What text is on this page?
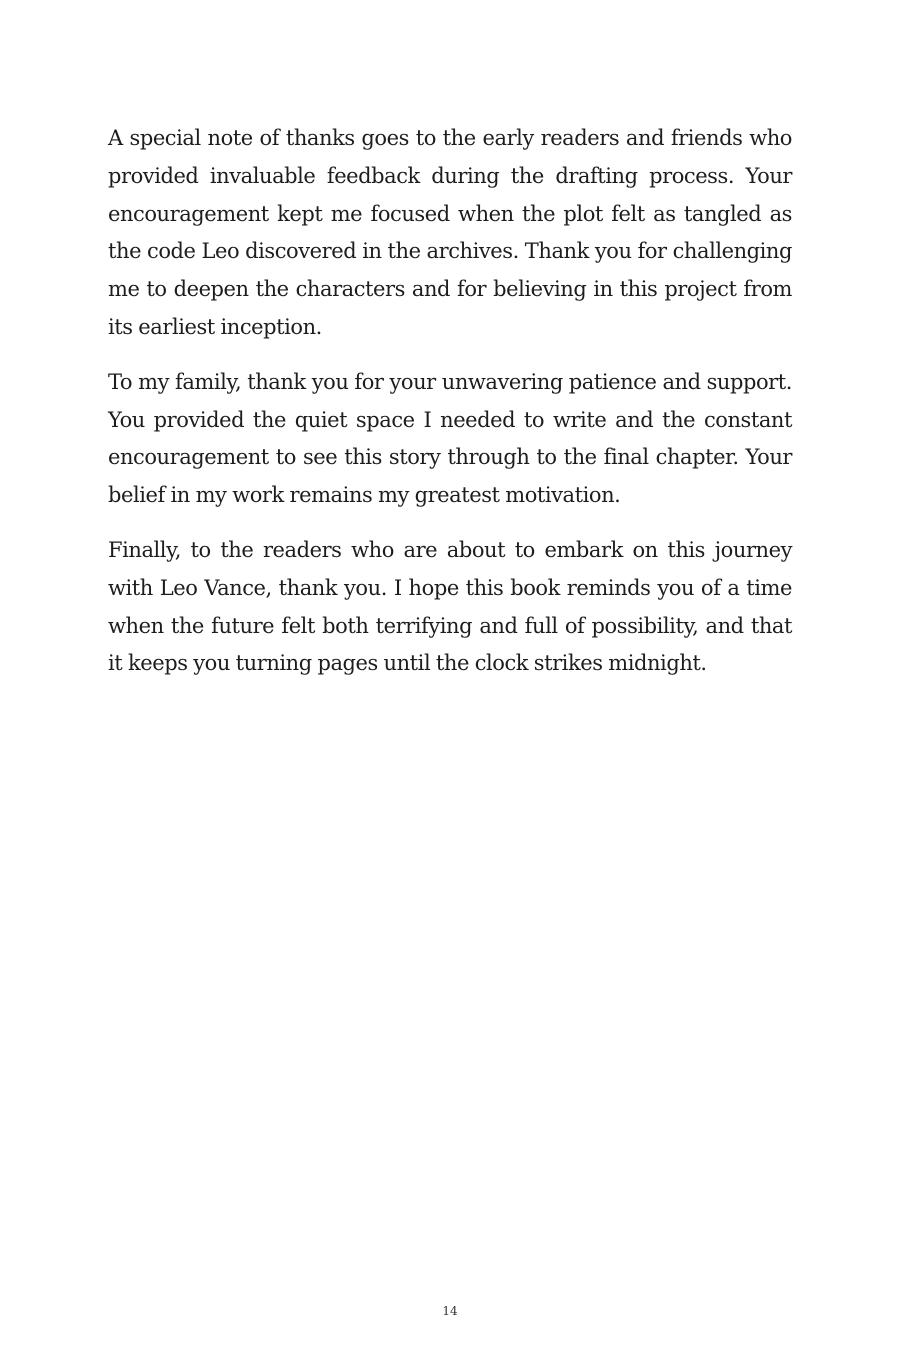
A special note of thanks goes to the early readers and friends who provided invaluable feedback during the drafting process. Your encouragement kept me focused when the plot felt as tangled as the code Leo discovered in the archives. Thank you for challenging me to deepen the characters and for believing in this project from its earliest inception.

To my family, thank you for your unwavering patience and support. You provided the quiet space I needed to write and the constant encouragement to see this story through to the final chapter. Your belief in my work remains my greatest motivation.

Finally, to the readers who are about to embark on this journey with Leo Vance, thank you. I hope this book reminds you of a time when the future felt both terrifying and full of possibility, and that it keeps you turning pages until the clock strikes midnight.

14
